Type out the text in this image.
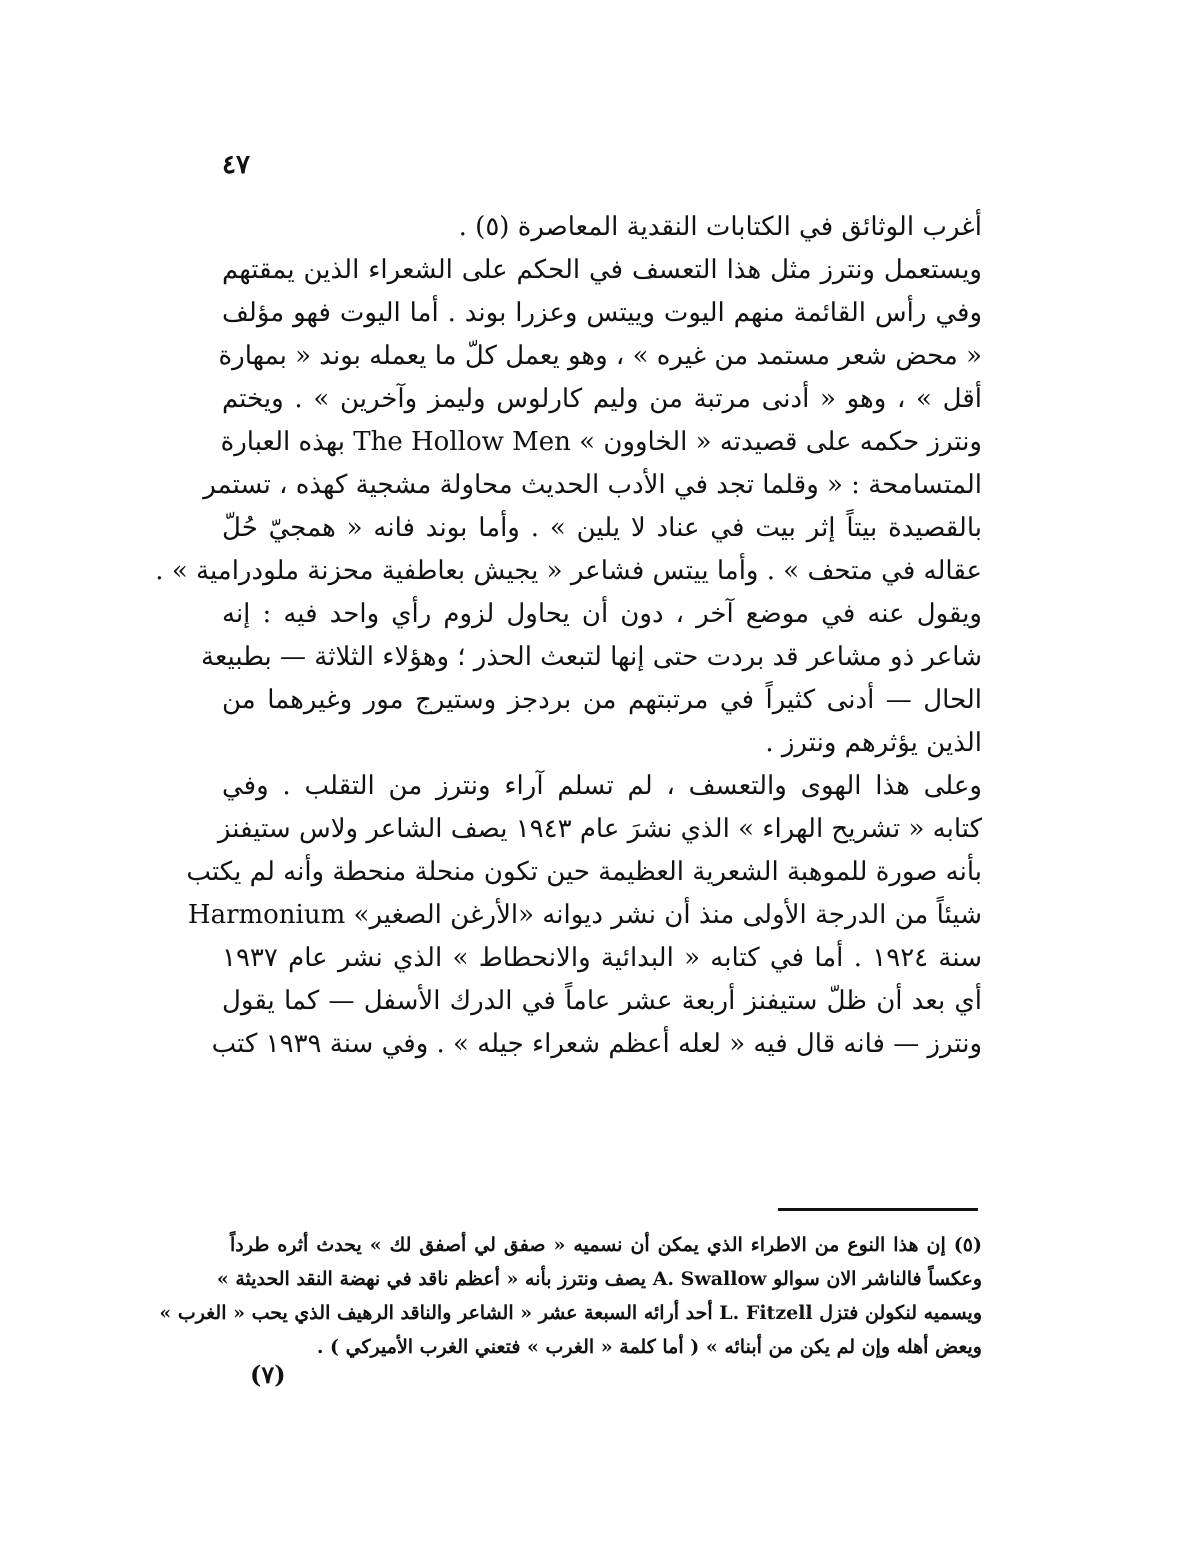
٤٧

أغرب الوثائق في الكتابات النقدية المعاصرة (٥) .

ويستعمل ونترز مثل هذا التعسف في الحكم على الشعراء الذين يمقتهم
وفي رأس القائمة منهم اليوت وييتس وعزرا بوند . أما اليوت فهو مؤلف
« محض شعر مستمد من غيره » ، وهو يعمل كلّ ما يعمله بوند « بمهارة
أقل » ، وهو « أدنى مرتبة من وليم كارلوس وليمز وآخرين » . ويختم
ونترز حكمه على قصيدته « الخاوون » The Hollow Men بهذه العبارة
المتسامحة : « وقلما تجد في الأدب الحديث محاولة مشجية كهذه ، تستمر
بالقصيدة بيتاً إثر بيت في عناد لا يلين » . وأما بوند فانه « همجيّ حُلّ
عقاله في متحف » . وأما ييتس فشاعر « يجيش بعاطفية محزنة ملودرامية » .
ويقول عنه في موضع آخر ، دون أن يحاول لزوم رأي واحد فيه : إنه
شاعر ذو مشاعر قد بردت حتى إنها لتبعث الحذر ؛ وهؤلاء الثلاثة — بطبيعة
الحال — أدنى كثيراً في مرتبتهم من بردجز وستيرج مور وغيرهما من
الذين يؤثرهم ونترز .

وعلى هذا الهوى والتعسف ، لم تسلم آراء ونترز من التقلب . وفي
كتابه « تشريح الهراء » الذي نشرَ عام ١٩٤٣ يصف الشاعر ولاس ستيفنز
بأنه صورة للموهبة الشعرية العظيمة حين تكون منحلة منحطة وأنه لم يكتب
شيئاً من الدرجة الأولى منذ أن نشر ديوانه «الأرغن الصغير» Harmonium
سنة ١٩٢٤ . أما في كتابه « البدائية والانحطاط » الذي نشر عام ١٩٣٧
أي بعد أن ظلّ ستيفنز أربعة عشر عاماً في الدرك الأسفل — كما يقول
ونترز — فانه قال فيه « لعله أعظم شعراء جيله » . وفي سنة ١٩٣٩ كتب

(٥) إن هذا النوع من الاطراء الذي يمكن أن نسميه « صفق لي أصفق لك » يحدث أثره طرداً
وعكساً فالناشر الان سوالو A. Swallow يصف ونترز بأنه « أعظم ناقد في نهضة النقد الحديثة »
ويسميه لنكولن فتزل L. Fitzell أحد أرائه السبعة عشر « الشاعر والناقد الرهيف الذي يحب « الغرب »
ويعض أهله وإن لم يكن من أبنائه » ( أما كلمة « الغرب » فتعني الغرب الأميركي ) .
(٧)
